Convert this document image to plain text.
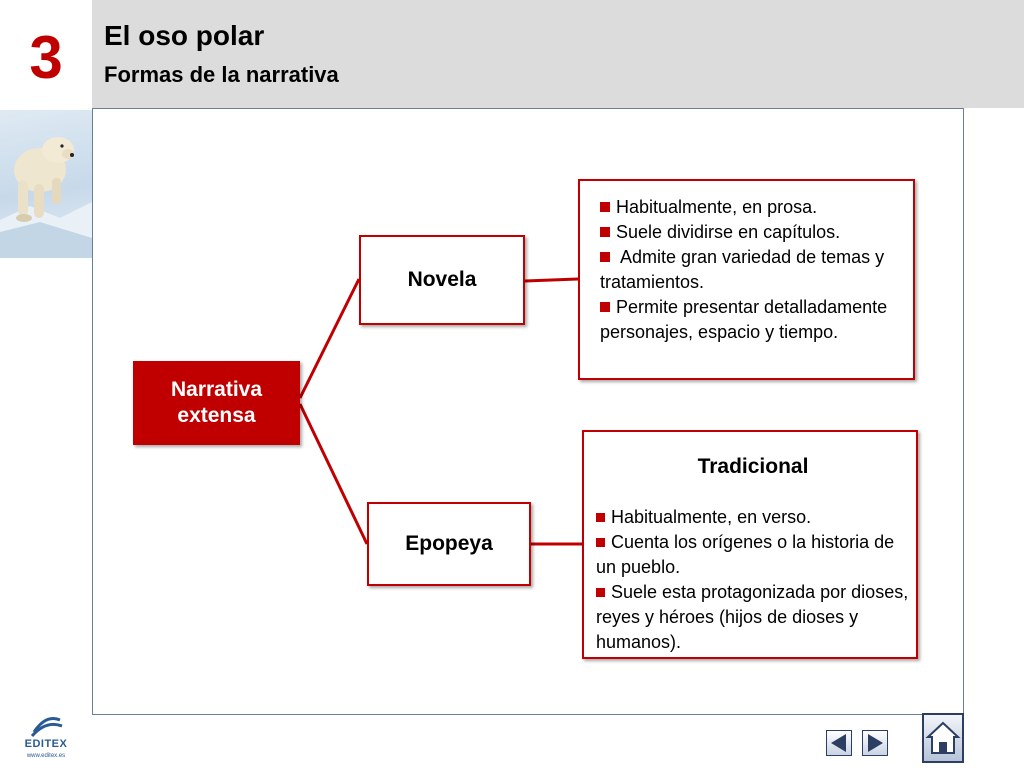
3	El oso polar
Formas de la narrativa
Narrativa extensa
Novela
Epopeya
Habitualmente, en prosa.
Suele dividirse en capítulos.
Admite gran variedad de temas y tratamientos.
Permite presentar detalladamente personajes, espacio y tiempo.
Tradicional
Habitualmente, en verso.
Cuenta los orígenes o la historia de un pueblo.
Suele esta protagonizada por dioses, reyes y héroes (hijos de dioses y humanos).
EDITEX
www.editex.es
